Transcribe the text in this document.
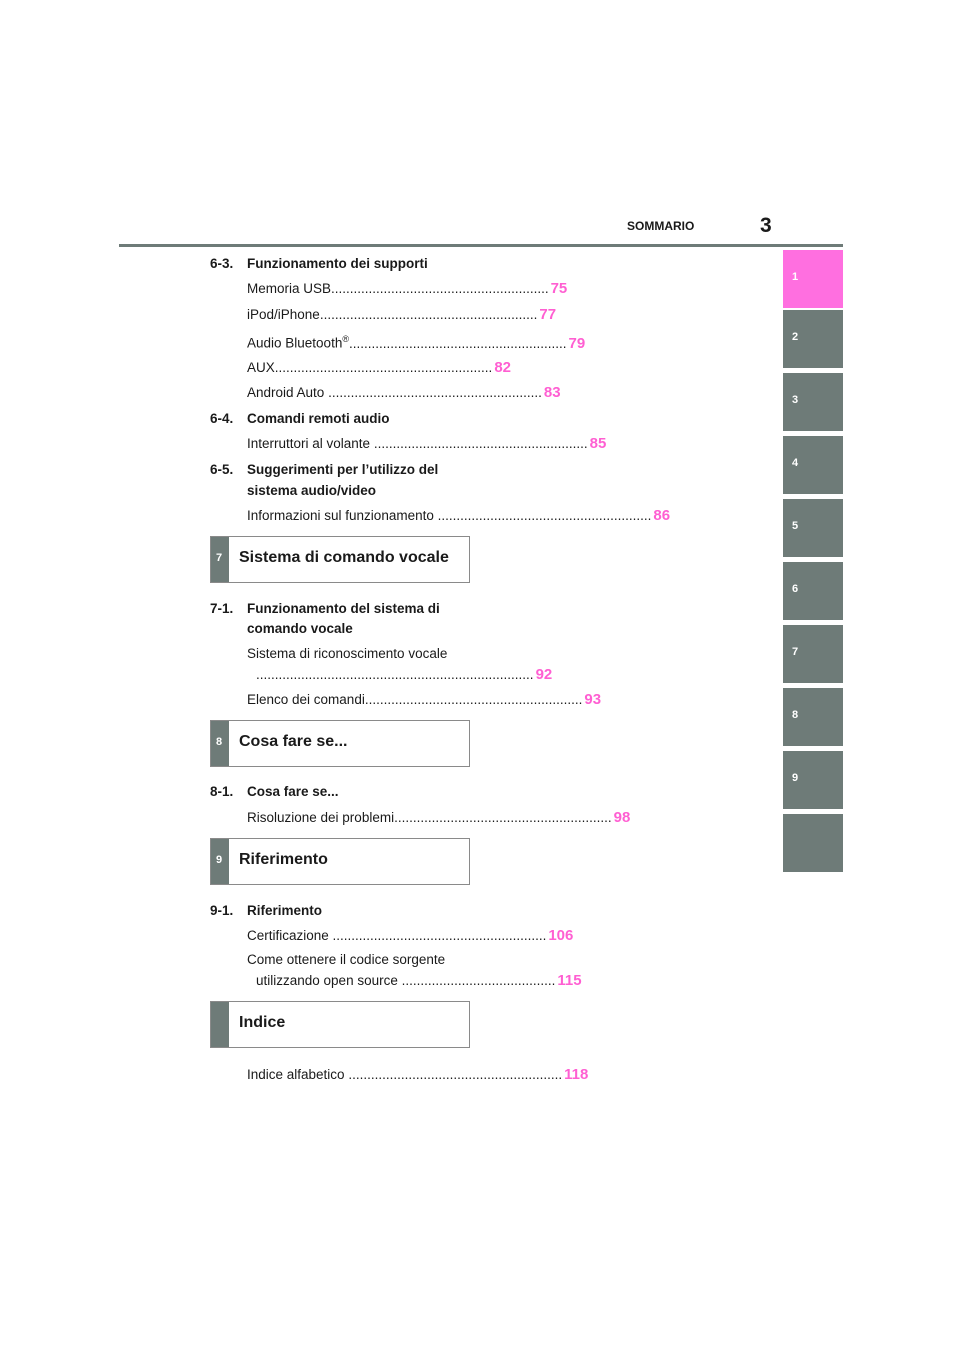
SOMMARIO	3
1
2
3
4
5
6
7
8
9
6-3. Funzionamento dei supporti
Memoria USB .......................................................... 75
iPod/iPhone .......................................................... 77
Audio Bluetooth® .......................................................... 79
AUX .......................................................... 82
Android Auto ......................................................... 83
6-4. Comandi remoti audio
Interruttori al volante ......................................................... 85
6-5. Suggerimenti per l’utilizzo del
sistema audio/video
Informazioni sul funzionamento ......................................................... 86
7 Sistema di comando vocale
7-1. Funzionamento del sistema di
comando vocale
Sistema di riconoscimento vocale
.......................................................................... 92
Elenco dei comandi .......................................................... 93
8 Cosa fare se...
8-1. Cosa fare se...
Risoluzione dei problemi .......................................................... 98
9 Riferimento
9-1. Riferimento
Certificazione ......................................................... 106
Come ottenere il codice sorgente
utilizzando open source ......................................... 115
Indice
Indice alfabetico ......................................................... 118
